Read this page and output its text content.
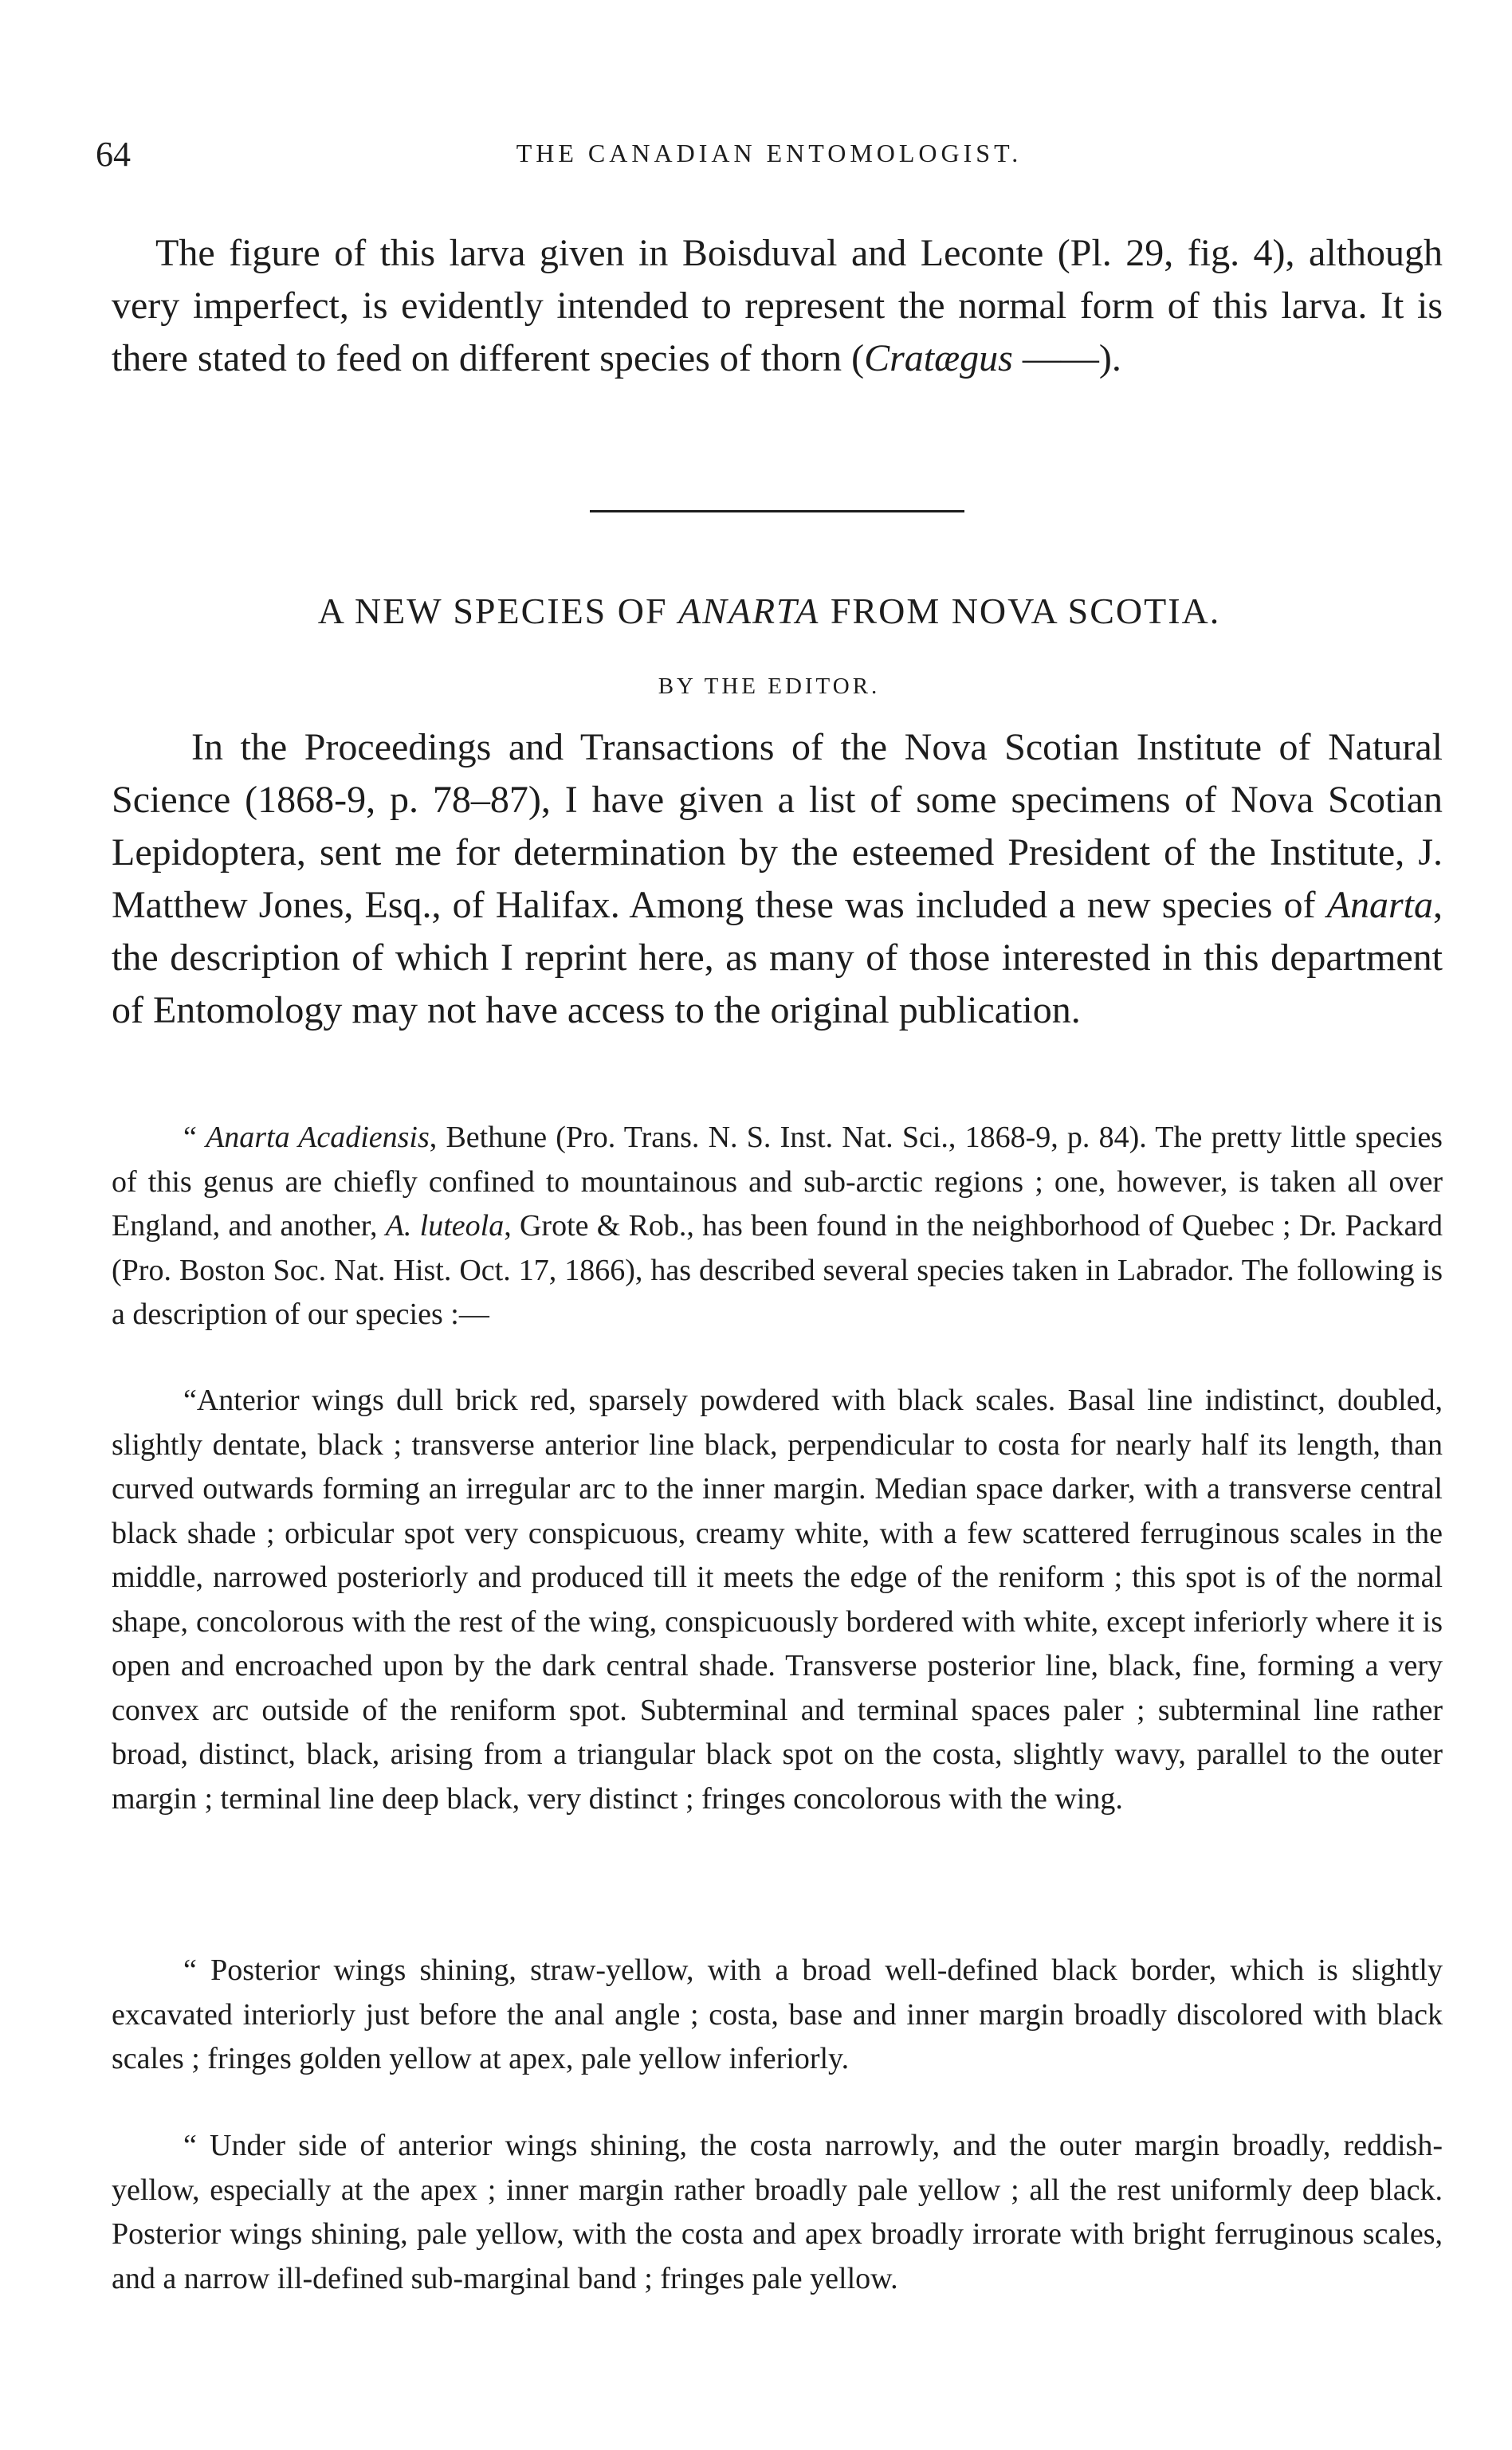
64	THE CANADIAN ENTOMOLOGIST.

The figure of this larva given in Boisduval and Leconte (Pl. 29, fig. 4), although very imperfect, is evidently intended to represent the normal form of this larva. It is there stated to feed on different species of thorn (Cratægus ——).

A NEW SPECIES OF ANARTA FROM NOVA SCOTIA.
BY THE EDITOR.

In the Proceedings and Transactions of the Nova Scotian Institute of Natural Science (1868-9, p. 78–87), I have given a list of some specimens of Nova Scotian Lepidoptera, sent me for determination by the esteemed President of the Institute, J. Matthew Jones, Esq., of Halifax. Among these was included a new species of Anarta, the description of which I reprint here, as many of those interested in this department of Entomology may not have access to the original publication.

“ Anarta Acadiensis, Bethune (Pro. Trans. N. S. Inst. Nat. Sci., 1868-9, p. 84). The pretty little species of this genus are chiefly confined to mountainous and sub-arctic regions ; one, however, is taken all over England, and another, A. luteola, Grote & Rob., has been found in the neighborhood of Quebec ; Dr. Packard (Pro. Boston Soc. Nat. Hist. Oct. 17, 1866), has described several species taken in Labrador. The following is a description of our species :—

“Anterior wings dull brick red, sparsely powdered with black scales. Basal line indistinct, doubled, slightly dentate, black ; transverse anterior line black, perpendicular to costa for nearly half its length, than curved outwards forming an irregular arc to the inner margin. Median space darker, with a transverse central black shade ; orbicular spot very conspicuous, creamy white, with a few scattered ferruginous scales in the middle, narrowed posteriorly and produced till it meets the edge of the reniform ; this spot is of the normal shape, concolorous with the rest of the wing, conspicuously bordered with white, except inferiorly where it is open and encroached upon by the dark central shade. Transverse posterior line, black, fine, forming a very convex arc outside of the reniform spot. Subterminal and terminal spaces paler ; subterminal line rather broad, distinct, black, arising from a triangular black spot on the costa, slightly wavy, parallel to the outer margin ; terminal line deep black, very distinct ; fringes concolorous with the wing.

“ Posterior wings shining, straw-yellow, with a broad well-defined black border, which is slightly excavated interiorly just before the anal angle ; costa, base and inner margin broadly discolored with black scales ; fringes golden yellow at apex, pale yellow inferiorly.

“ Under side of anterior wings shining, the costa narrowly, and the outer margin broadly, reddish-yellow, especially at the apex ; inner margin rather broadly pale yellow ; all the rest uniformly deep black. Posterior wings shining, pale yellow, with the costa and apex broadly irrorate with bright ferruginous scales, and a narrow ill-defined sub-marginal band ; fringes pale yellow.
